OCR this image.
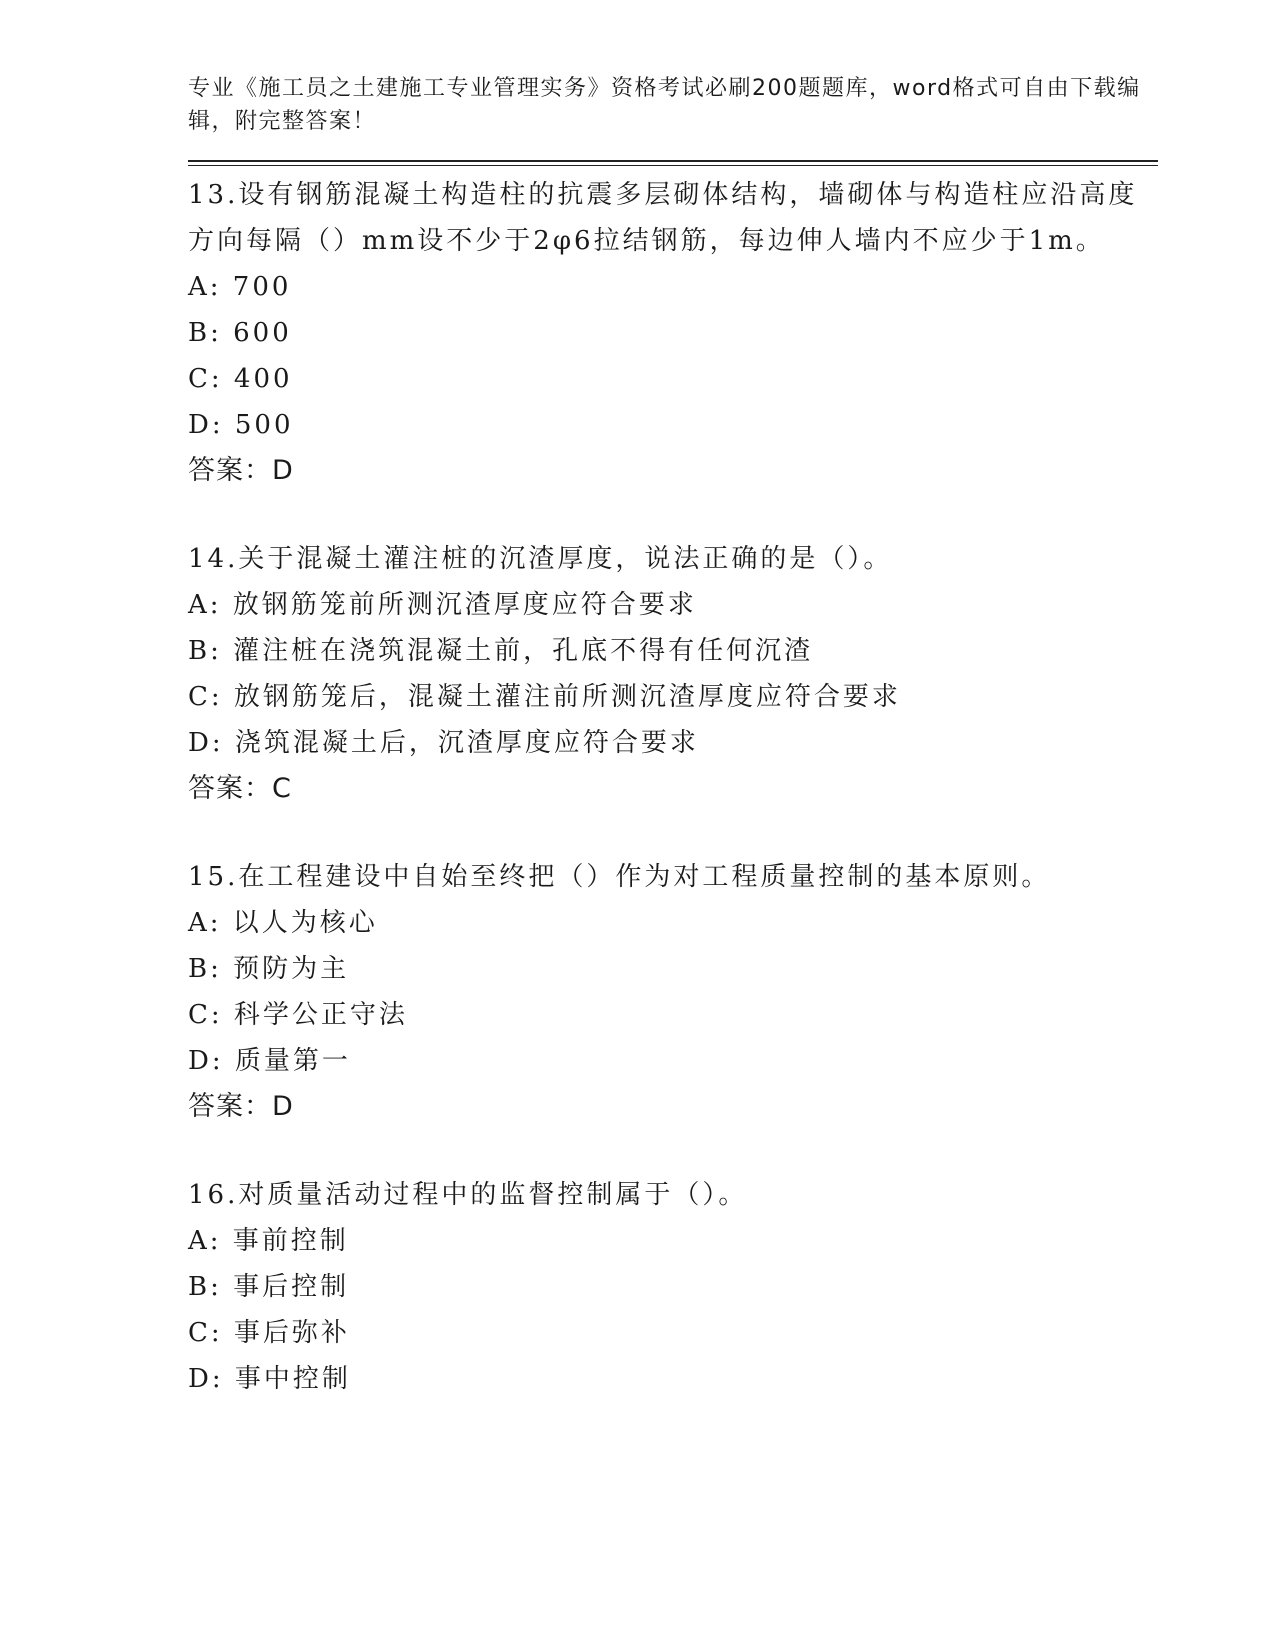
专业《施工员之土建施工专业管理实务》资格考试必刷200题题库，word格式可自由下载编辑，附完整答案！

13.设有钢筋混凝土构造柱的抗震多层砌体结构，墙砌体与构造柱应沿高度方向每隔（）mm设不少于2φ6拉结钢筋，每边伸人墙内不应少于1m。

A: 700
B: 600
C: 400
D: 500
答案：D

14.关于混凝土灌注桩的沉渣厚度，说法正确的是（）。

A: 放钢筋笼前所测沉渣厚度应符合要求
B: 灌注桩在浇筑混凝土前，孔底不得有任何沉渣
C: 放钢筋笼后，混凝土灌注前所测沉渣厚度应符合要求
D: 浇筑混凝土后，沉渣厚度应符合要求
答案：C

15.在工程建设中自始至终把（）作为对工程质量控制的基本原则。

A: 以人为核心
B: 预防为主
C: 科学公正守法
D: 质量第一
答案：D

16.对质量活动过程中的监督控制属于（）。

A: 事前控制
B: 事后控制
C: 事后弥补
D: 事中控制
